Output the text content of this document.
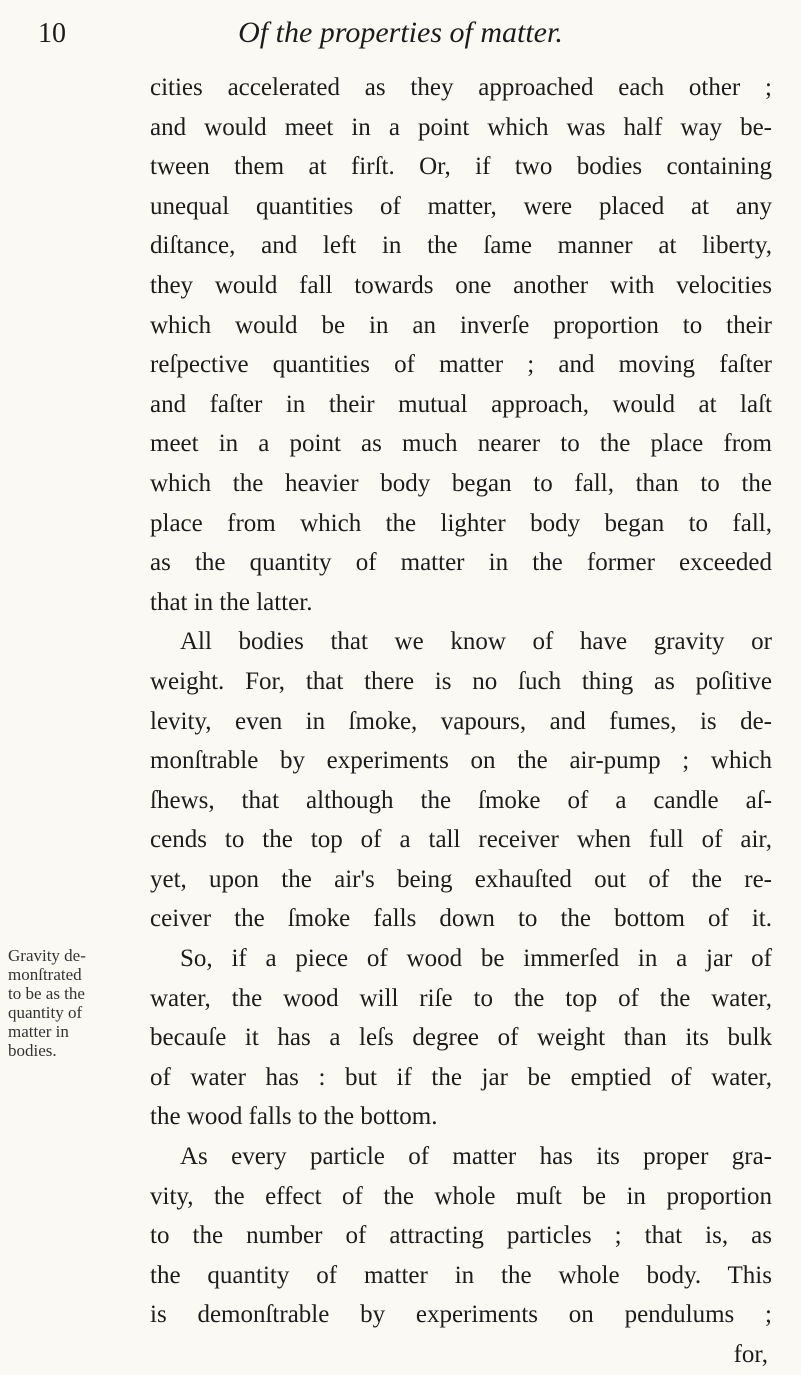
10	Of the properties of matter.
Gravity de-
monſtrated
to be as the
quantity of
matter in
bodies.
cities accelerated as they approached each other ;
and would meet in a point which was half way be-
tween them at firſt. Or, if two bodies containing
unequal quantities of matter, were placed at any
diſtance, and left in the ſame manner at liberty,
they would fall towards one another with velocities
which would be in an inverſe proportion to their
reſpective quantities of matter ; and moving faſter
and faſter in their mutual approach, would at laſt
meet in a point as much nearer to the place from
which the heavier body began to fall, than to the
place from which the lighter body began to fall,
as the quantity of matter in the former exceeded
that in the latter.
All bodies that we know of have gravity or
weight. For, that there is no ſuch thing as poſitive
levity, even in ſmoke, vapours, and fumes, is de-
monſtrable by experiments on the air-pump ; which
ſhews, that although the ſmoke of a candle aſ-
cends to the top of a tall receiver when full of air,
yet, upon the air's being exhauſted out of the re-
ceiver the ſmoke falls down to the bottom of it.
So, if a piece of wood be immerſed in a jar of
water, the wood will riſe to the top of the water,
becauſe it has a leſs degree of weight than its bulk
of water has : but if the jar be emptied of water,
the wood falls to the bottom.
As every particle of matter has its proper gra-
vity, the effect of the whole muſt be in proportion
to the number of attracting particles ; that is, as
the quantity of matter in the whole body. This
is demonſtrable by experiments on pendulums ;
for,
